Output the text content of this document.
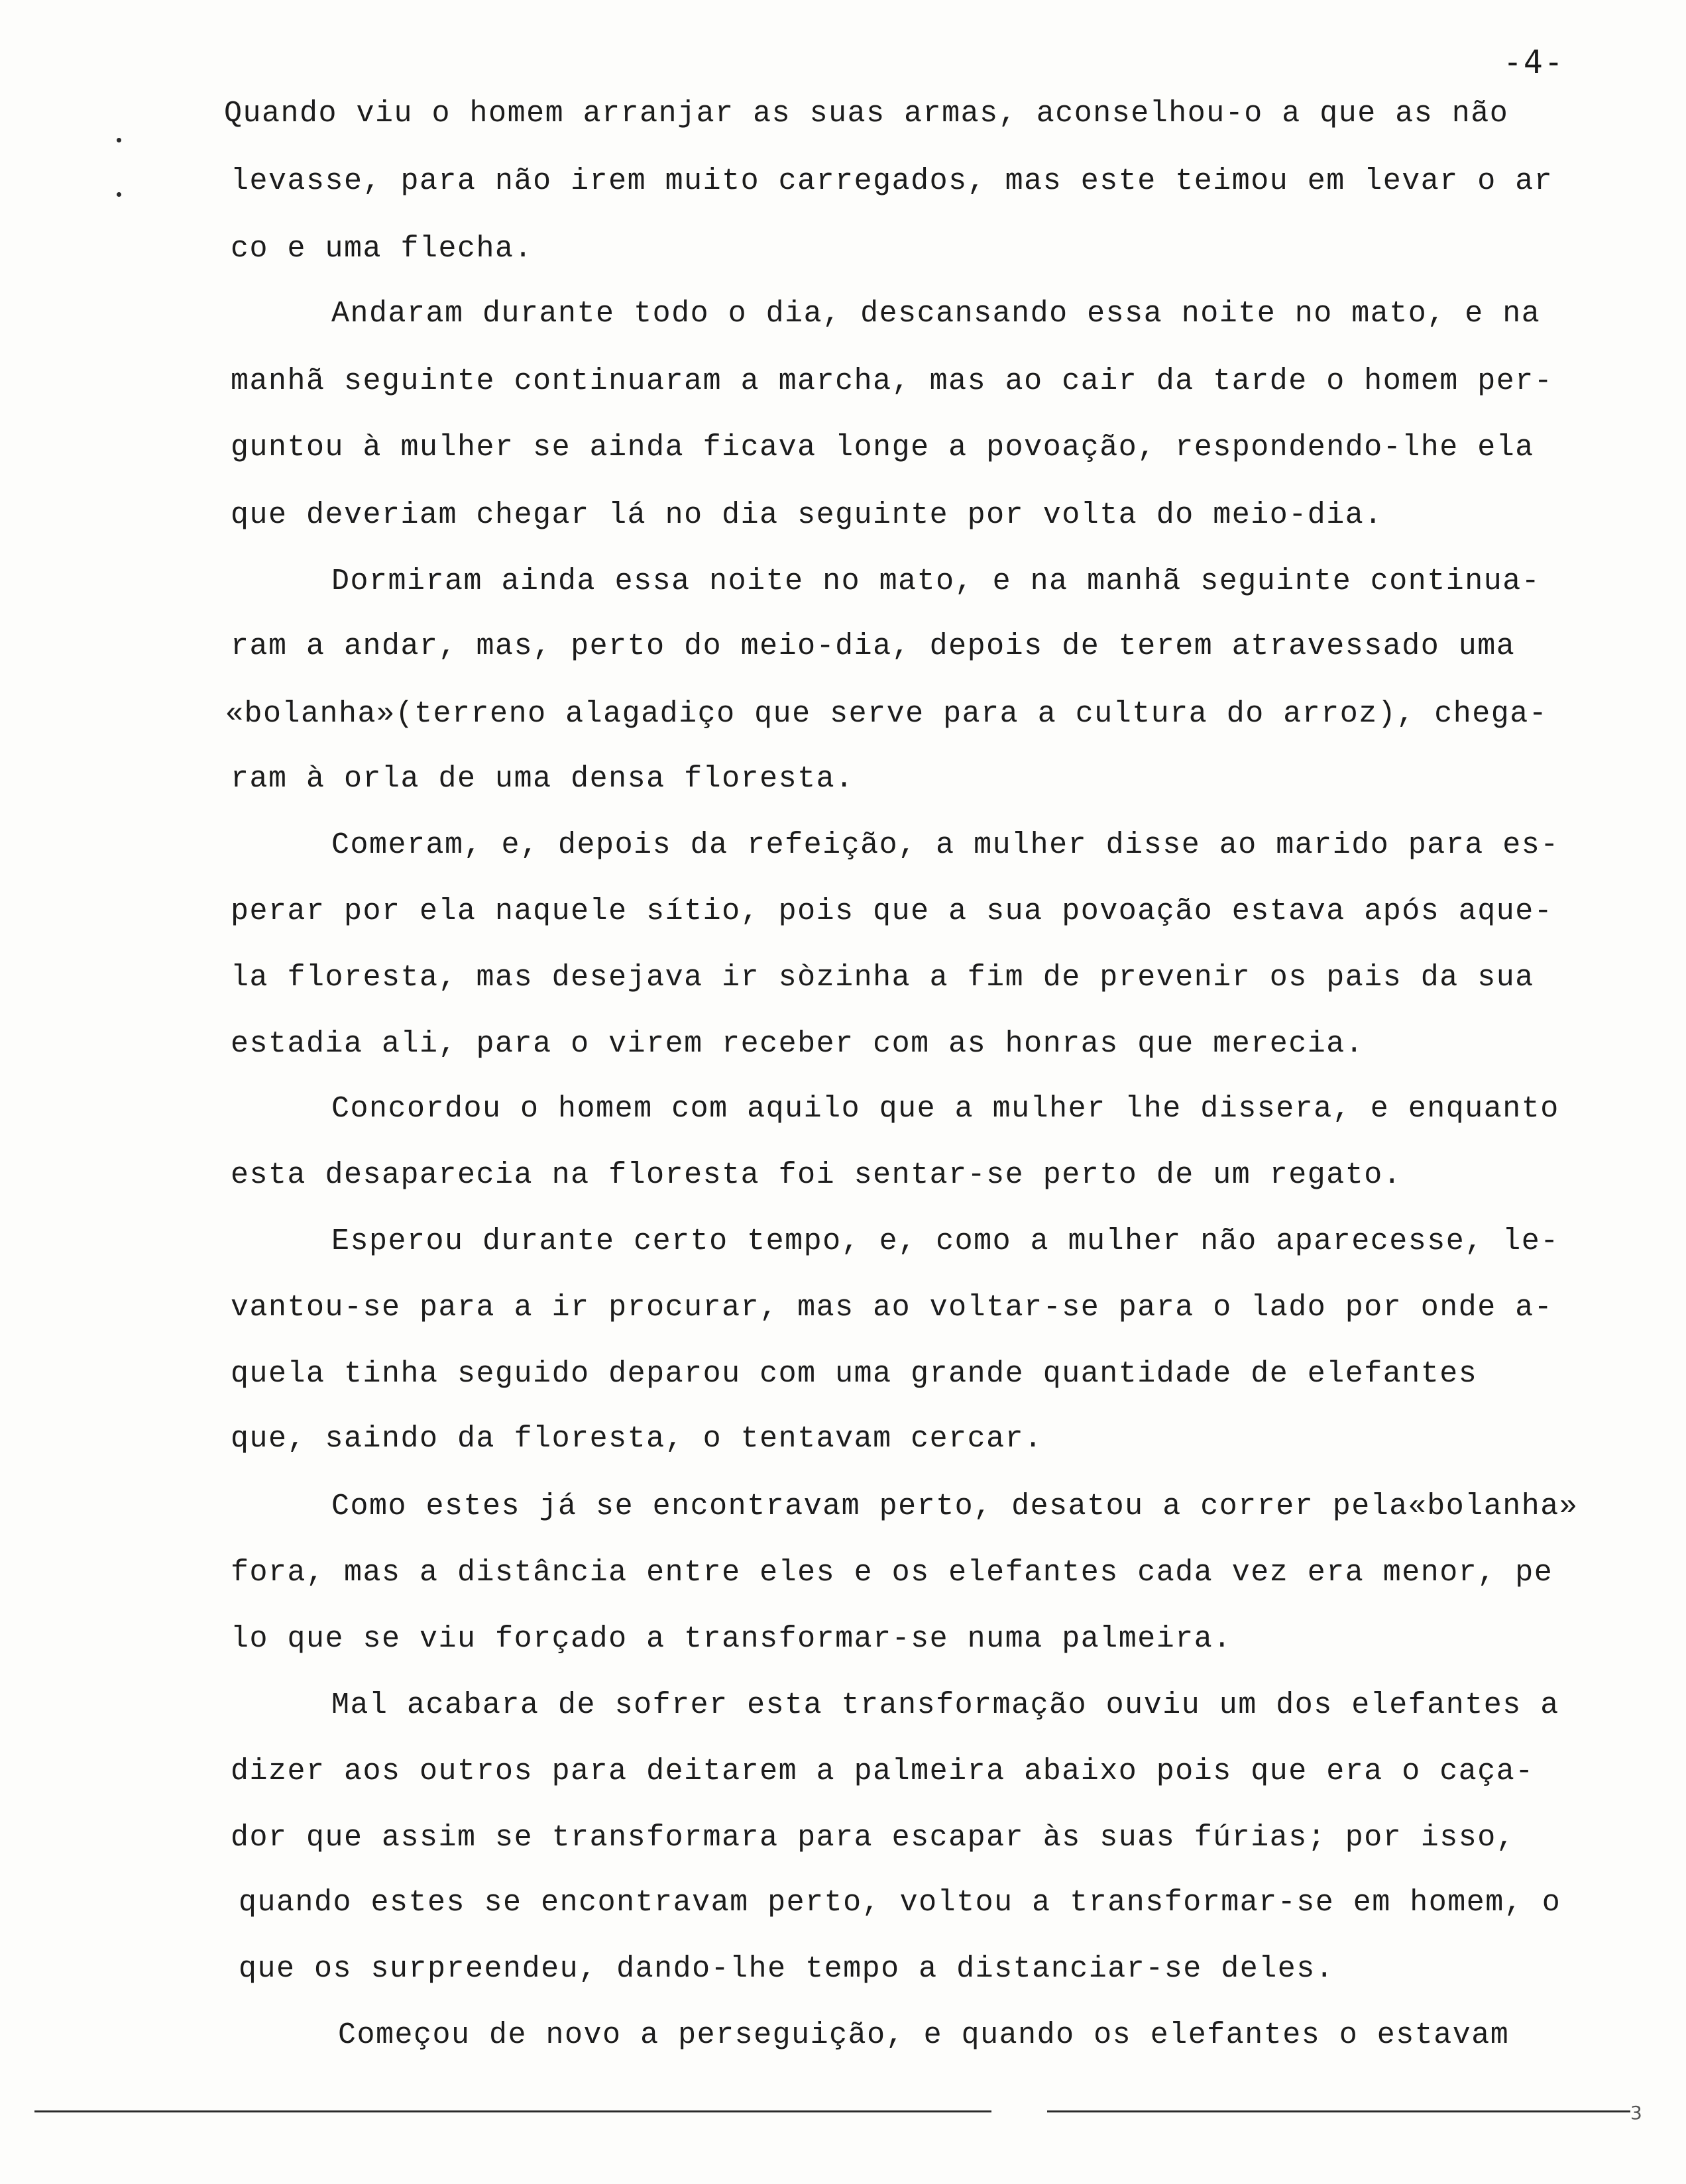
-4-
Quando viu o homem arranjar as suas armas, aconselhou-o a que as não
levasse, para não irem muito carregados, mas este teimou em levar o ar
co e uma flecha.
Andaram durante todo o dia, descansando essa noite no mato, e na
manhã seguinte continuaram a marcha, mas ao cair da tarde o homem per-
guntou à mulher se ainda ficava longe a povoação, respondendo-lhe ela
que deveriam chegar lá no dia seguinte por volta do meio-dia.
Dormiram ainda essa noite no mato, e na manhã seguinte continua-
ram a andar, mas, perto do meio-dia, depois de terem atravessado uma
«bolanha»(terreno alagadiço que serve para a cultura do arroz), chega-
ram à orla de uma densa floresta.
Comeram, e, depois da refeição, a mulher disse ao marido para es-
perar por ela naquele sítio, pois que a sua povoação estava após aque-
la floresta, mas desejava ir sòzinha a fim de prevenir os pais da sua
estadia ali, para o virem receber com as honras que merecia.
Concordou o homem com aquilo que a mulher lhe dissera, e enquanto
esta desaparecia na floresta foi sentar-se perto de um regato.
Esperou durante certo tempo, e, como a mulher não aparecesse, le-
vantou-se para a ir procurar, mas ao voltar-se para o lado por onde a-
quela tinha seguido deparou com uma grande quantidade de elefantes
que, saindo da floresta, o tentavam cercar.
Como estes já se encontravam perto, desatou a correr pela«bolanha»
fora, mas a distância entre eles e os elefantes cada vez era menor, pe
lo que se viu forçado a transformar-se numa palmeira.
Mal acabara de sofrer esta transformação ouviu um dos elefantes a
dizer aos outros para deitarem a palmeira abaixo pois que era o caça-
dor que assim se transformara para escapar às suas fúrias; por isso,
quando estes se encontravam perto, voltou a transformar-se em homem, o
que os surpreendeu, dando-lhe tempo a distanciar-se deles.
Começou de novo a perseguição, e quando os elefantes o estavam
3
